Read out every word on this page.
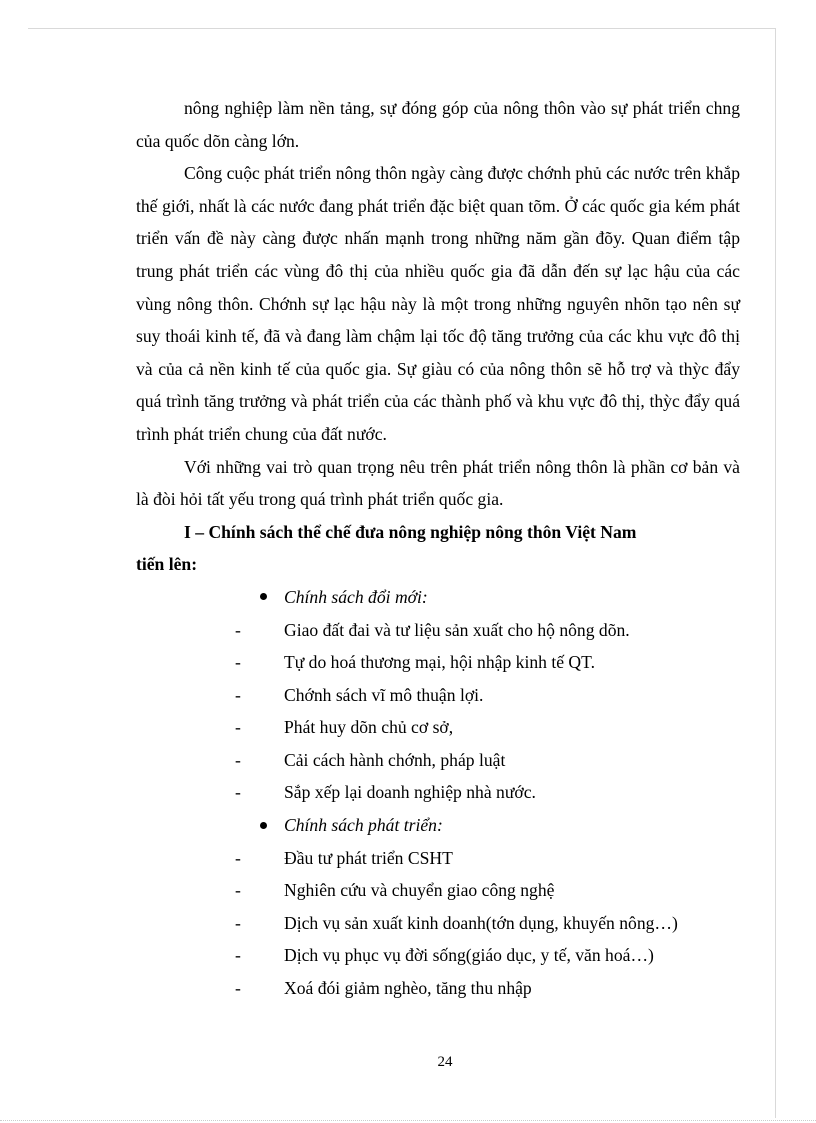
nông nghiệp làm nền tảng, sự đóng góp của nông thôn vào sự phát triển chng của quốc dõn càng lớn.

Công cuộc phát triển nông thôn ngày càng được chớnh phủ các nước trên khắp thế giới, nhất là các nước đang phát triển đặc biệt quan tõm. Ở các quốc gia kém phát triển vấn đề này càng được nhấn mạnh trong những năm gần đõy. Quan điểm tập trung phát triển các vùng đô thị của nhiều quốc gia đã dẫn đến sự lạc hậu của các vùng nông thôn. Chớnh sự lạc hậu này là một trong những nguyên nhõn tạo nên sự suy thoái kinh tế, đã và đang làm chậm lại tốc độ tăng trưởng của các khu vực đô thị và của cả nền kinh tế của quốc gia. Sự giàu có của nông thôn sẽ hỗ trợ và thỳc đẩy quá trình tăng trưởng và phát triển của các thành phố và khu vực đô thị, thỳc đẩy quá trình phát triển chung của đất nước.

Với những vai trò quan trọng nêu trên phát triển nông thôn là phần cơ bản và là đòi hỏi tất yếu trong quá trình phát triển quốc gia.

I – Chính sách thể chế đưa nông nghiệp nông thôn Việt Nam

tiến lên:

Chính sách đổi mới:
- Giao đất đai và tư liệu sản xuất cho hộ nông dõn.
- Tự do hoá thương mại, hội nhập kinh tế QT.
- Chớnh sách vĩ mô thuận lợi.
- Phát huy dõn chủ cơ sở,
- Cải cách hành chớnh, pháp luật
- Sắp xếp lại doanh nghiệp nhà nước.
Chính sách phát triển:
- Đầu tư phát triển CSHT
- Nghiên cứu và chuyển giao công nghệ
- Dịch vụ sản xuất kinh doanh(tớn dụng, khuyến nông…)
- Dịch vụ phục vụ đời sống(giáo dục, y tế, văn hoá…)
- Xoá đói giảm nghèo, tăng thu nhập
24
